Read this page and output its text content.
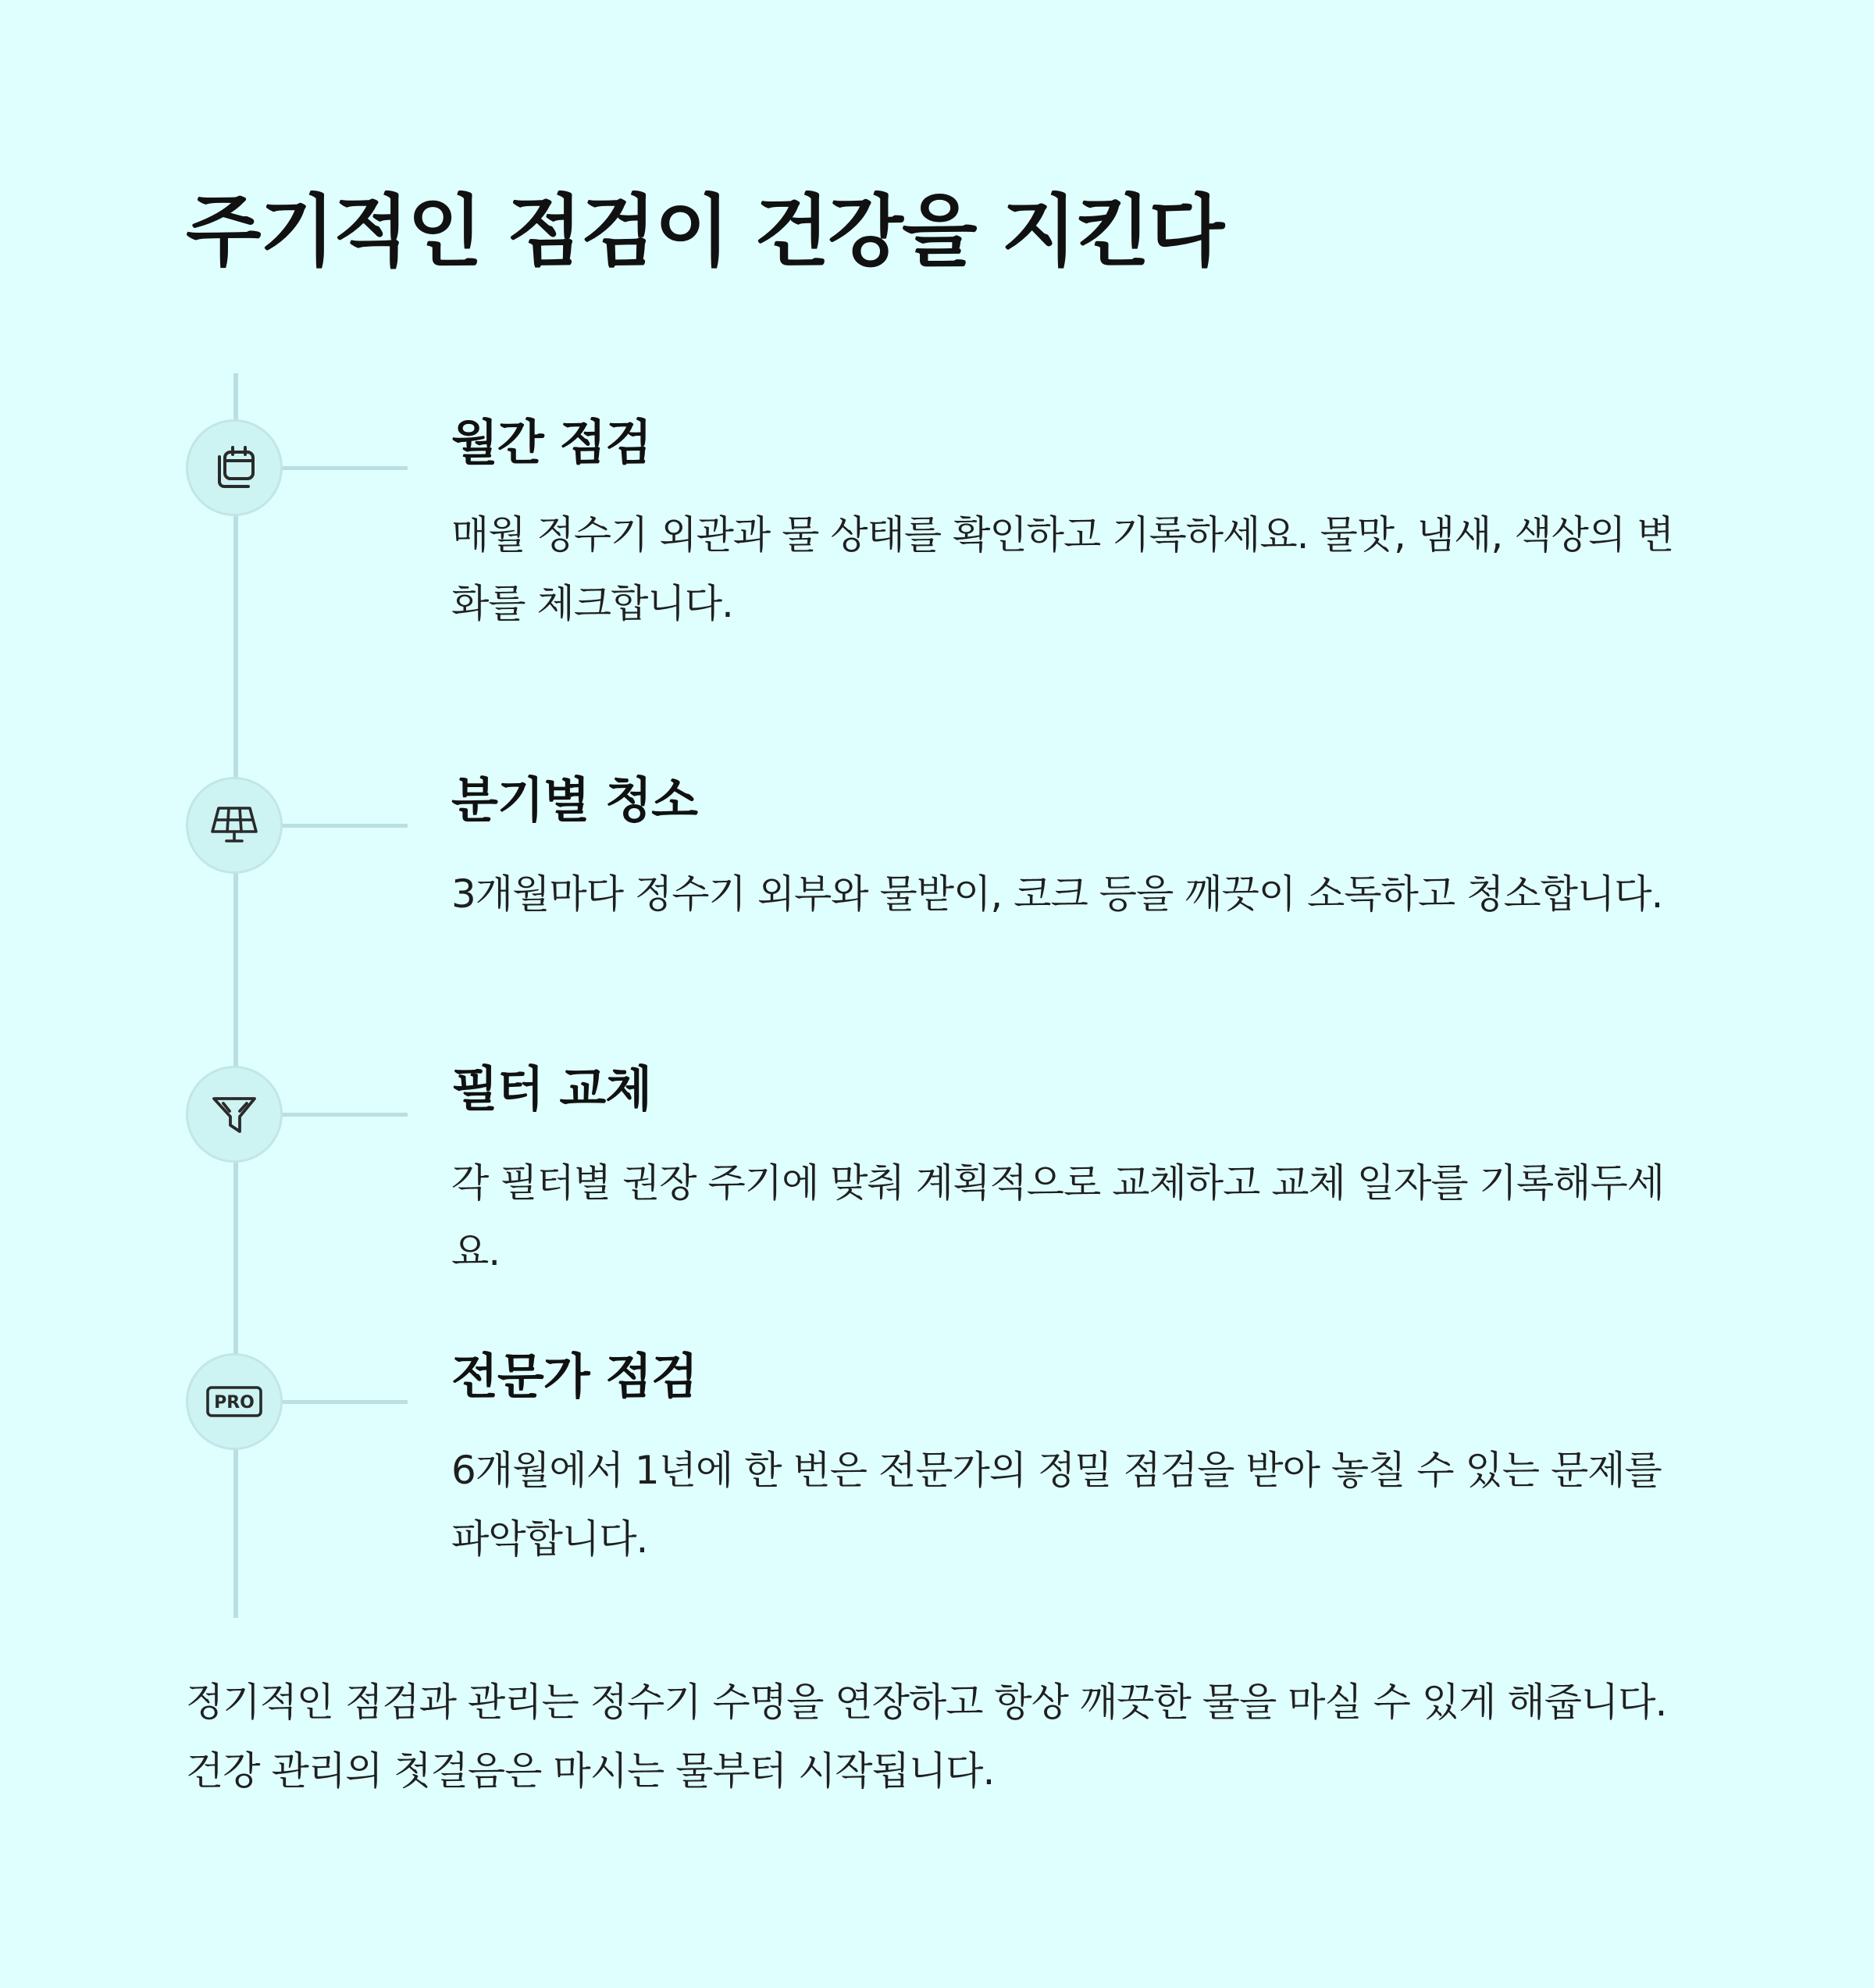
주기적인 점검이 건강을 지킨다
월간 점검

매월 정수기 외관과 물 상태를 확인하고 기록하세요. 물맛, 냄새, 색상의 변화를 체크합니다.

분기별 청소

3개월마다 정수기 외부와 물받이, 코크 등을 깨끗이 소독하고 청소합니다.

필터 교체

각 필터별 권장 주기에 맞춰 계획적으로 교체하고 교체 일자를 기록해두세요.

PRO	전문가 점검

6개월에서 1년에 한 번은 전문가의 정밀 점검을 받아 놓칠 수 있는 문제를 파악합니다.

정기적인 점검과 관리는 정수기 수명을 연장하고 항상 깨끗한 물을 마실 수 있게 해줍니다. 건강 관리의 첫걸음은 마시는 물부터 시작됩니다.
